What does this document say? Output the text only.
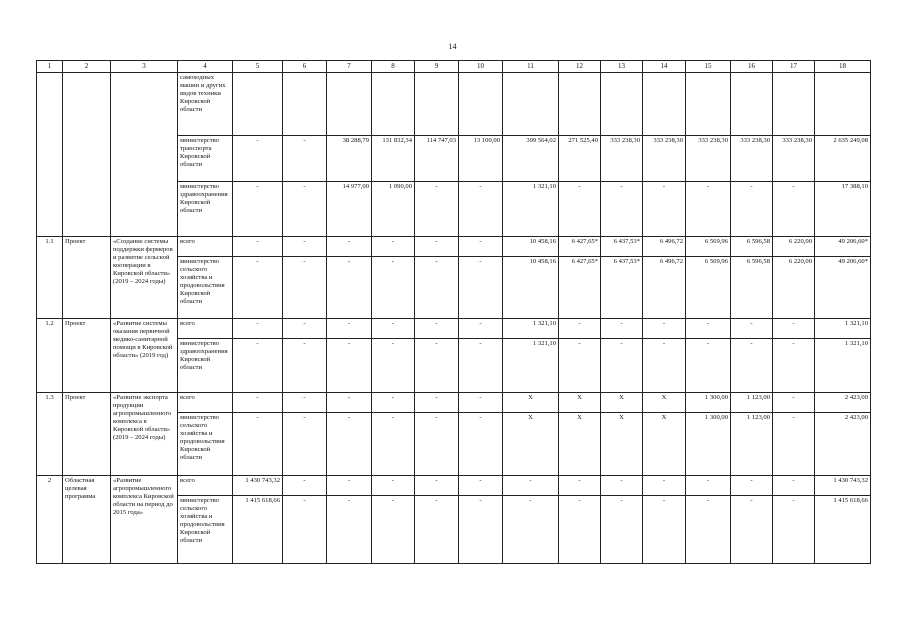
14
1	2	3	4	5	6	7	8	9	10	11	12	13	14	15	16	17	18
			самоходных машин и других видов техники Кировской области														
			министерство транспорта Кировской области	-	-	38 288,79	131 832,34	114 747,03	13 100,00	399 564,02	271 525,40	333 238,30	333 238,30	333 238,30	333 238,30	333 238,30	2 635 249,08
			министерство здравоохранения Кировской области	-	-	14 977,00	1 090,00	-	-	1 321,10	-	-	-	-	-	-	17 388,10
1.1	Проект	«Создание системы поддержки фермеров и развитие сельской кооперации в Кировской области» (2019 – 2024 годы)	всего	-	-	-	-	-	-	10 458,16	6 427,65*	6 437,53*	6 496,72	6 569,96	6 596,58	6 220,00	49 206,60*
			министерство сельского хозяйства и продовольствия Кировской области	-	-	-	-	-	-	10 458,16	6 427,65*	6 437,53*	6 496,72	6 569,96	6 596,58	6 220,00	49 206,60*
1.2	Проект	«Развитие системы оказания первичной медико-санитарной помощи в Кировской области» (2019 год)	всего	-	-	-	-	-	-	1 321,10	-	-	-	-	-	-	1 321,10
			министерство здравоохранения Кировской области	-	-	-	-	-	-	1 321,10	-	-	-	-	-	-	1 321,10
1.3	Проект	«Развитие экспорта продукции агропромышленного комплекса в Кировской области» (2019 – 2024 годы)	всего	-	-	-	-	-	-	X	X	X	X	1 300,00	1 123,00	-	2 423,00
			министерство сельского хозяйства и продовольствия Кировской области	-	-	-	-	-	-	X	X	X	X	1 300,00	1 123,00	-	2 423,00
2	Областная целевая программа	«Развитие агропромышленного комплекса Кировской области на период до 2015 года»	всего	1 430 743,32	-	-	-	-	-	-	-	-	-	-	-	-	1 430 743,32
			министерство сельского хозяйства и продовольствия Кировской области	1 415 618,66	-	-	-	-	-	-	-	-	-	-	-	-	1 415 618,66
